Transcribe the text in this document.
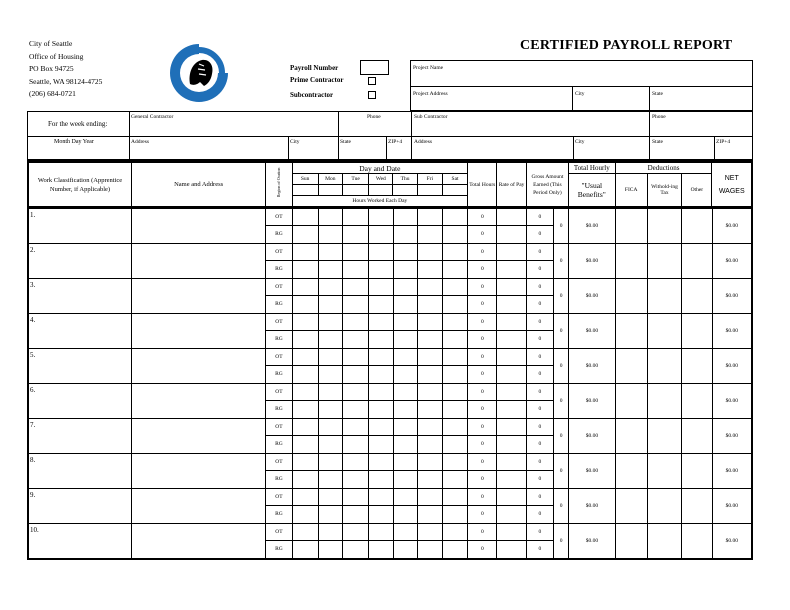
City of Seattle
Office of Housing
PO Box 94725
Seattle, WA 98124-4725
(206) 684-0721
CERTIFIED PAYROLL REPORT
Payroll Number
Prime Contractor
Subcontractor
Project Name
Project Address	City	State
For the week ending:
Month Day Year
General Contractor	Phone	Sub Contractor	Phone
Address	City	State	ZIP+4 Address	City	State	ZIP+4
Work Classification (Apprentice Number, if Applicable)	Name and Address	Region of Ocation	Day and Date							Total Hours	Rate of Pay	Gross Amount Earned (This Period Only)	Total Hourly	Deductions			NET
WAGES

			Sun	Mon	Tue	Wed	Thu	Fri	Sat				"Usual Benefits"	FICA	Withold-ing Tax	Other	

			Hours Worked Each Day														
1.		OT								0		0	0	$0.00				$0.00
		RG								0		0						
2.		OT								0		0	0	$0.00				$0.00
		RG								0		0						
3.		OT								0		0	0	$0.00				$0.00
		RG								0		0						
4.		OT								0		0	0	$0.00				$0.00
		RG								0		0						
5.		OT								0		0	0	$0.00				$0.00
		RG								0		0						
6.		OT								0		0	0	$0.00				$0.00
		RG								0		0						
7.		OT								0		0	0	$0.00				$0.00
		RG								0		0						
8.		OT								0		0	0	$0.00				$0.00
		RG								0		0						
9.		OT								0		0	0	$0.00				$0.00
		RG								0		0						
10.		OT								0		0	0	$0.00				$0.00
		RG								0		0						
